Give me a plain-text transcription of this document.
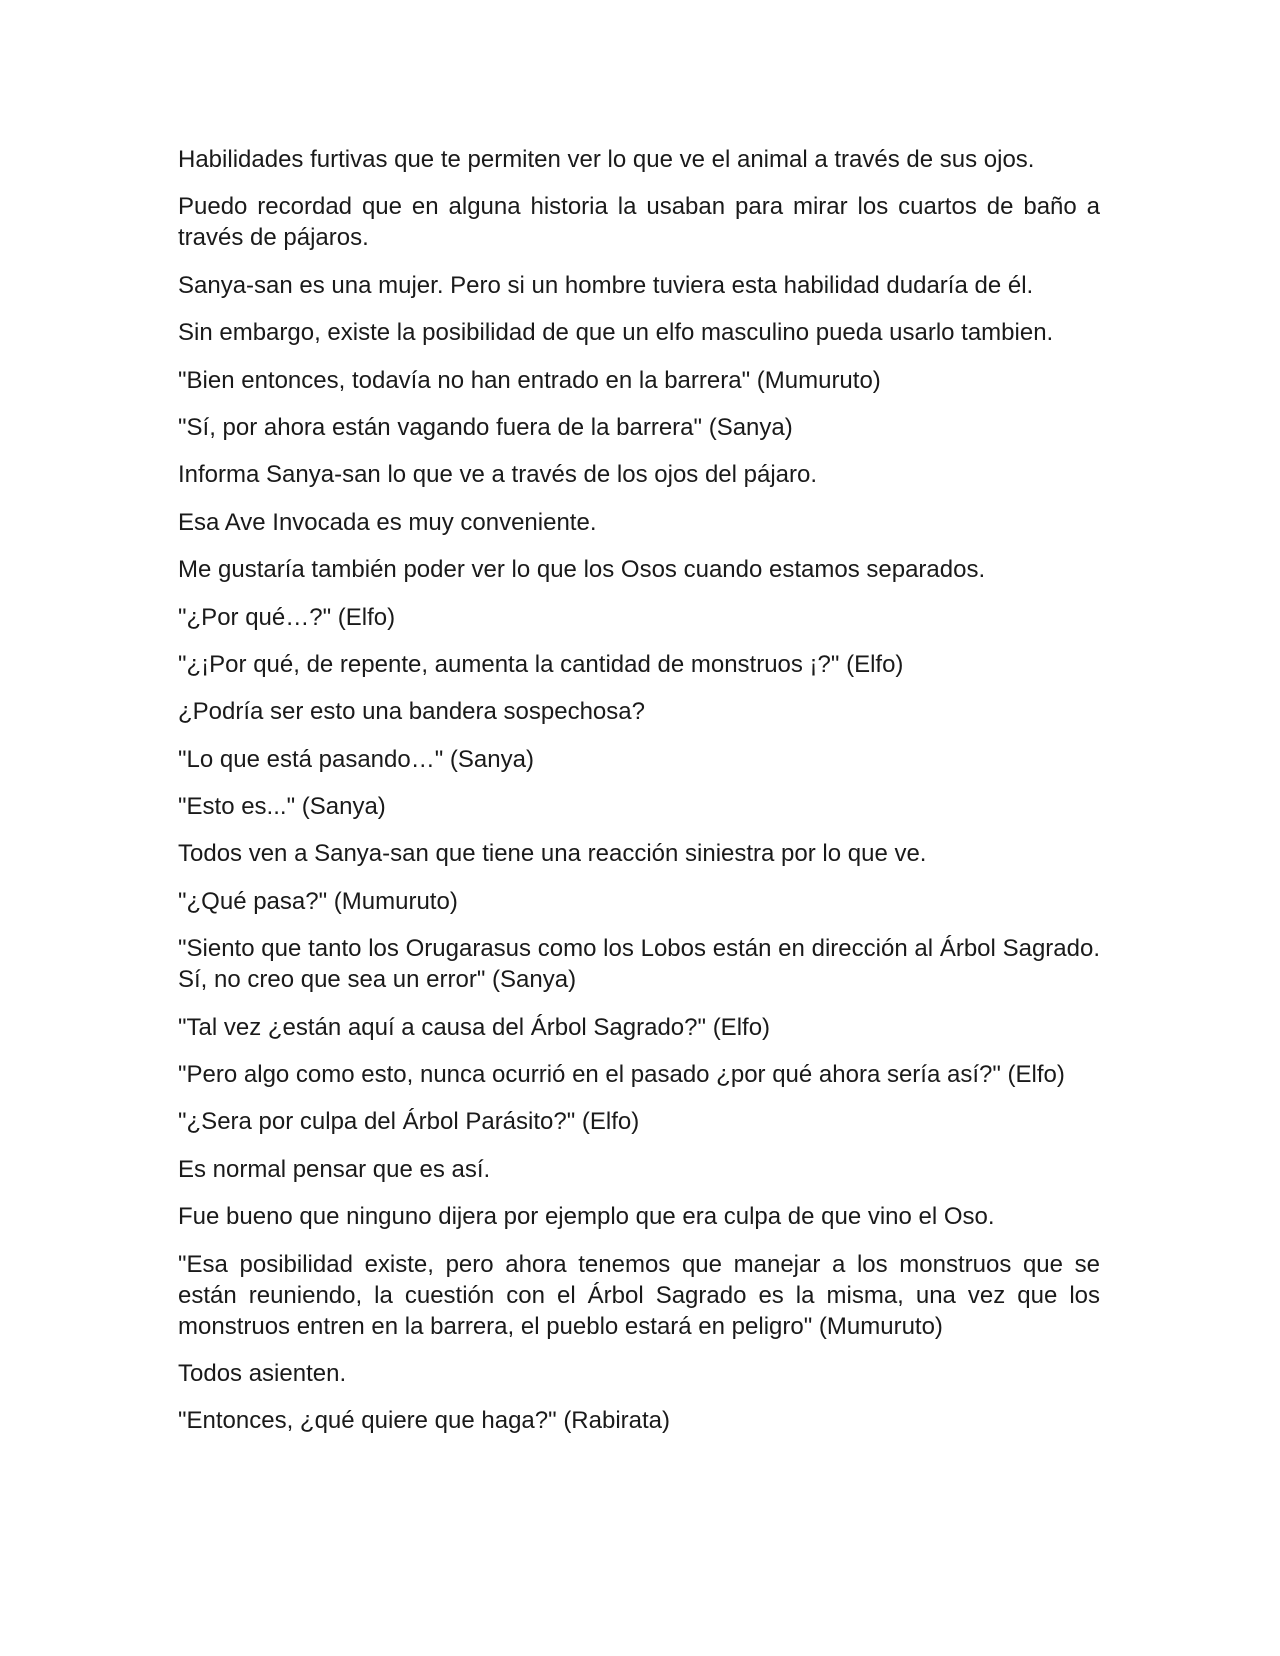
Habilidades furtivas que te permiten ver lo que ve el animal a través de sus ojos.

Puedo recordad que en alguna historia la usaban para mirar los cuartos de baño a través de pájaros.

Sanya-san es una mujer. Pero si un hombre tuviera esta habilidad dudaría de él.

Sin embargo, existe la posibilidad de que un elfo masculino pueda usarlo tambien.

"Bien entonces, todavía no han entrado en la barrera" (Mumuruto)

"Sí, por ahora están vagando fuera de la barrera" (Sanya)

Informa Sanya-san lo que ve a través de los ojos del pájaro.

Esa Ave Invocada es muy conveniente.

Me gustaría también poder ver lo que los Osos cuando estamos separados.

"¿Por qué…?" (Elfo)

"¿¡Por qué, de repente, aumenta la cantidad de monstruos ¡?" (Elfo)

¿Podría ser esto una bandera sospechosa?

"Lo que está pasando…" (Sanya)

"Esto es..." (Sanya)

Todos ven a Sanya-san que tiene una reacción siniestra por lo que ve.

"¿Qué pasa?" (Mumuruto)

"Siento que tanto los Orugarasus como los Lobos están en dirección al Árbol Sagrado. Sí, no creo que sea un error" (Sanya)

"Tal vez ¿están aquí a causa del Árbol Sagrado?" (Elfo)

"Pero algo como esto, nunca ocurrió en el pasado ¿por qué ahora sería así?" (Elfo)

"¿Sera por culpa del Árbol Parásito?" (Elfo)

Es normal pensar que es así.

Fue bueno que ninguno dijera por ejemplo que era culpa de que vino el Oso.

"Esa posibilidad existe, pero ahora tenemos que manejar a los monstruos que se están reuniendo, la cuestión con el Árbol Sagrado es la misma, una vez que los monstruos entren en la barrera, el pueblo estará en peligro" (Mumuruto)

Todos asienten.

"Entonces, ¿qué quiere que haga?" (Rabirata)
